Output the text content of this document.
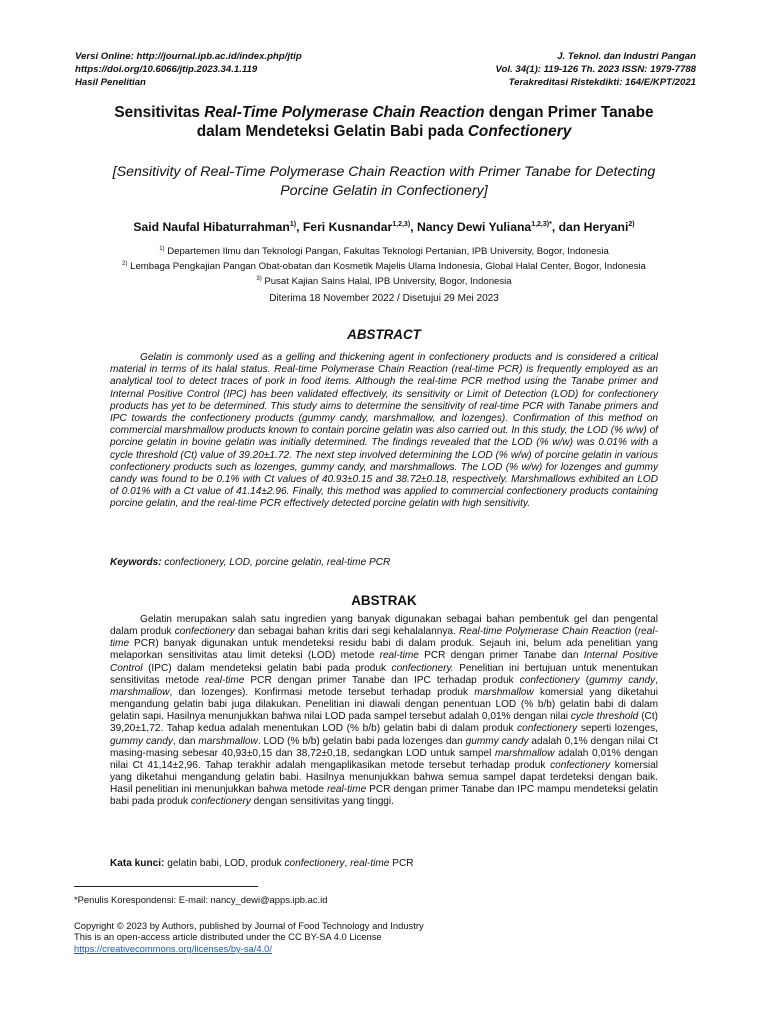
Versi Online: http://journal.ipb.ac.id/index.php/jtip
https://doi.org/10.6066/jtip.2023.34.1.119
Hasil Penelitian
J. Teknol. dan Industri Pangan
Vol. 34(1): 119-126 Th. 2023 ISSN: 1979-7788
Terakreditasi Ristekdikti: 164/E/KPT/2021
Sensitivitas Real-Time Polymerase Chain Reaction dengan Primer Tanabe
dalam Mendeteksi Gelatin Babi pada Confectionery
[Sensitivity of Real-Time Polymerase Chain Reaction with Primer Tanabe for Detecting
Porcine Gelatin in Confectionery]
Said Naufal Hibaturrahman$^{1)}$, Feri Kusnandar$^{1,2,3)}$, Nancy Dewi Yuliana$^{1,2,3)*}$, dan Heryani$^{2)}$
$^{1)}$ Departemen Ilmu dan Teknologi Pangan, Fakultas Teknologi Pertanian, IPB University, Bogor, Indonesia
$^{2)}$ Lembaga Pengkajian Pangan Obat-obatan dan Kosmetik Majelis Ulama Indonesia, Global Halal Center, Bogor, Indonesia
$^{3)}$ Pusat Kajian Sains Halal, IPB University, Bogor, Indonesia
Diterima 18 November 2022 / Disetujui 29 Mei 2023
ABSTRACT
Gelatin is commonly used as a gelling and thickening agent in confectionery products and is considered a critical material in terms of its halal status. Real-time Polymerase Chain Reaction (real-time PCR) is frequently employed as an analytical tool to detect traces of pork in food items. Although the real-time PCR method using the Tanabe primer and Internal Positive Control (IPC) has been validated effectively, its sensitivity or Limit of Detection (LOD) for confectionery products has yet to be determined. This study aims to determine the sensitivity of real-time PCR with Tanabe primers and IPC towards the confectionery products (gummy candy, marshmallow, and lozenges). Confirmation of this method on commercial marshmallow products known to contain porcine gelatin was also carried out. In this study, the LOD (% w/w) of porcine gelatin in bovine gelatin was initially determined. The findings revealed that the LOD (% w/w) was 0.01% with a cycle threshold (Ct) value of 39.20±1.72. The next step involved determining the LOD (% w/w) of porcine gelatin in various confectionery products such as lozenges, gummy candy, and marshmallows. The LOD (% w/w) for lozenges and gummy candy was found to be 0.1% with Ct values of 40.93±0.15 and 38.72±0.18, respectively. Marshmallows exhibited an LOD of 0.01% with a Ct value of 41.14±2.96. Finally, this method was applied to commercial confectionery products containing porcine gelatin, and the real-time PCR effectively detected porcine gelatin with high sensitivity.
Keywords: confectionery, LOD, porcine gelatin, real-time PCR
ABSTRAK
Gelatin merupakan salah satu ingredien yang banyak digunakan sebagai bahan pembentuk gel dan pengental dalam produk confectionery dan sebagai bahan kritis dari segi kehalalannya. Real-time Polymerase Chain Reaction (real-time PCR) banyak digunakan untuk mendeteksi residu babi di dalam produk. Sejauh ini, belum ada penelitian yang melaporkan sensitivitas atau limit deteksi (LOD) metode real-time PCR dengan primer Tanabe dan Internal Positive Control (IPC) dalam mendeteksi gelatin babi pada produk confectionery. Penelitian ini bertujuan untuk menentukan sensitivitas metode real-time PCR dengan primer Tanabe dan IPC terhadap produk confectionery (gummy candy, marshmallow, dan lozenges). Konfirmasi metode tersebut terhadap produk marshmallow komersial yang diketahui mengandung gelatin babi juga dilakukan. Penelitian ini diawali dengan penentuan LOD (% b/b) gelatin babi di dalam gelatin sapi. Hasilnya menunjukkan bahwa nilai LOD pada sampel tersebut adalah 0,01% dengan nilai cycle threshold (Ct) 39,20±1,72. Tahap kedua adalah menentukan LOD (% b/b) gelatin babi di dalam produk confectionery seperti lozenges, gummy candy, dan marshmallow. LOD (% b/b) gelatin babi pada lozenges dan gummy candy adalah 0,1% dengan nilai Ct masing-masing sebesar 40,93±0,15 dan 38,72±0,18, sedangkan LOD untuk sampel marshmallow adalah 0,01% dengan nilai Ct 41,14±2,96. Tahap terakhir adalah mengaplikasikan metode tersebut terhadap produk confectionery komersial yang diketahui mengandung gelatin babi. Hasilnya menunjukkan bahwa semua sampel dapat terdeteksi dengan baik. Hasil penelitian ini menunjukkan bahwa metode real-time PCR dengan primer Tanabe dan IPC mampu mendeteksi gelatin babi pada produk confectionery dengan sensitivitas yang tinggi.
Kata kunci: gelatin babi, LOD, produk confectionery, real-time PCR
*Penulis Korespondensi: E-mail: nancy_dewi@apps.ipb.ac.id
Copyright © 2023 by Authors, published by Journal of Food Technology and Industry
This is an open-access article distributed under the CC BY-SA 4.0 License
https://creativecommons.org/licenses/by-sa/4.0/
